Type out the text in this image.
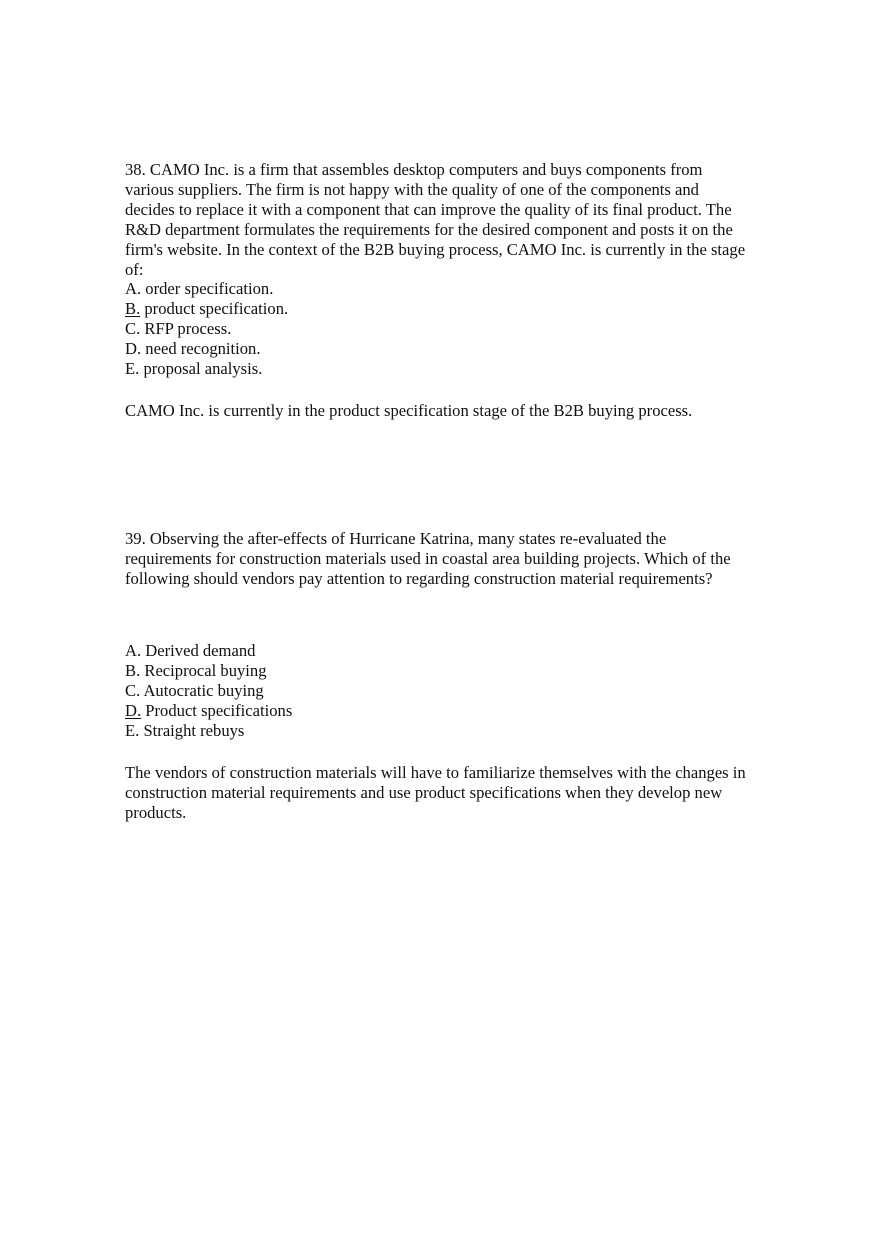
38. CAMO Inc. is a firm that assembles desktop computers and buys components from
various suppliers. The firm is not happy with the quality of one of the components and
decides to replace it with a component that can improve the quality of its final product. The
R&D department formulates the requirements for the desired component and posts it on the
firm's website. In the context of the B2B buying process, CAMO Inc. is currently in the stage
of:
A. order specification.
B. product specification.
C. RFP process.
D. need recognition.
E. proposal analysis.
CAMO Inc. is currently in the product specification stage of the B2B buying process.
39. Observing the after-effects of Hurricane Katrina, many states re-evaluated the
requirements for construction materials used in coastal area building projects. Which of the
following should vendors pay attention to regarding construction material requirements?
A. Derived demand
B. Reciprocal buying
C. Autocratic buying
D. Product specifications
E. Straight rebuys
The vendors of construction materials will have to familiarize themselves with the changes in
construction material requirements and use product specifications when they develop new
products.
